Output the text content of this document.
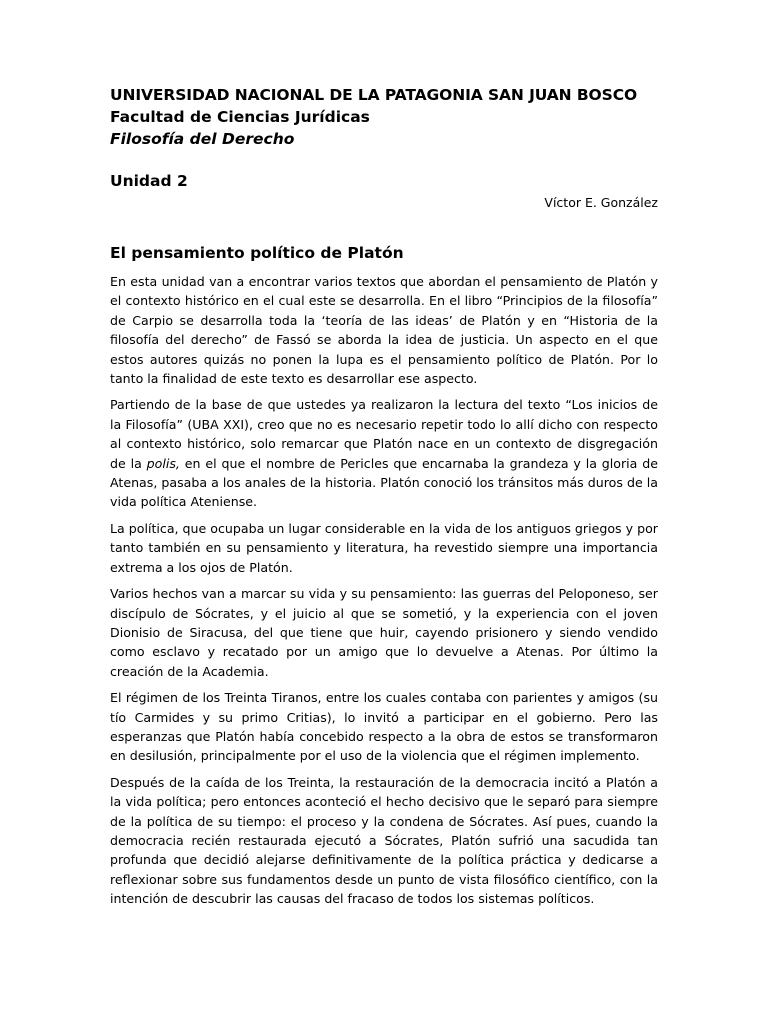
UNIVERSIDAD NACIONAL DE LA PATAGONIA SAN JUAN BOSCO
Facultad de Ciencias Jurídicas
Filosofía del Derecho
Unidad 2
Víctor E. González
El pensamiento político de Platón

En esta unidad van a encontrar varios textos que abordan el pensamiento de Platón y el contexto histórico en el cual este se desarrolla. En el libro “Principios de la filosofía” de Carpio se desarrolla toda la ‘teoría de las ideas’ de Platón y en “Historia de la filosofía del derecho” de Fassó se aborda la idea de justicia. Un aspecto en el que estos autores quizás no ponen la lupa es el pensamiento político de Platón. Por lo tanto la finalidad de este texto es desarrollar ese aspecto.

Partiendo de la base de que ustedes ya realizaron la lectura del texto “Los inicios de la Filosofía” (UBA XXI), creo que no es necesario repetir todo lo allí dicho con respecto al contexto histórico, solo remarcar que Platón nace en un contexto de disgregación de la polis, en el que el nombre de Pericles que encarnaba la grandeza y la gloria de Atenas, pasaba a los anales de la historia. Platón conoció los tránsitos más duros de la vida política Ateniense.

La política, que ocupaba un lugar considerable en la vida de los antiguos griegos y por tanto también en su pensamiento y literatura, ha revestido siempre una importancia extrema a los ojos de Platón.

Varios hechos van a marcar su vida y su pensamiento: las guerras del Peloponeso, ser discípulo de Sócrates, y el juicio al que se sometió, y la experiencia con el joven Dionisio de Siracusa, del que tiene que huir, cayendo prisionero y siendo vendido como esclavo y recatado por un amigo que lo devuelve a Atenas. Por último la creación de la Academia.

El régimen de los Treinta Tiranos, entre los cuales contaba con parientes y amigos (su tío Carmides y su primo Critias), lo invitó a participar en el gobierno. Pero las esperanzas que Platón había concebido respecto a la obra de estos se transformaron en desilusión, principalmente por el uso de la violencia que el régimen implemento.

Después de la caída de los Treinta, la restauración de la democracia incitó a Platón a la vida política; pero entonces aconteció el hecho decisivo que le separó para siempre de la política de su tiempo: el proceso y la condena de Sócrates. Así pues, cuando la democracia recién restaurada ejecutó a Sócrates, Platón sufrió una sacudida tan profunda que decidió alejarse definitivamente de la política práctica y dedicarse a reflexionar sobre sus fundamentos desde un punto de vista filosófico científico, con la intención de descubrir las causas del fracaso de todos los sistemas políticos.
